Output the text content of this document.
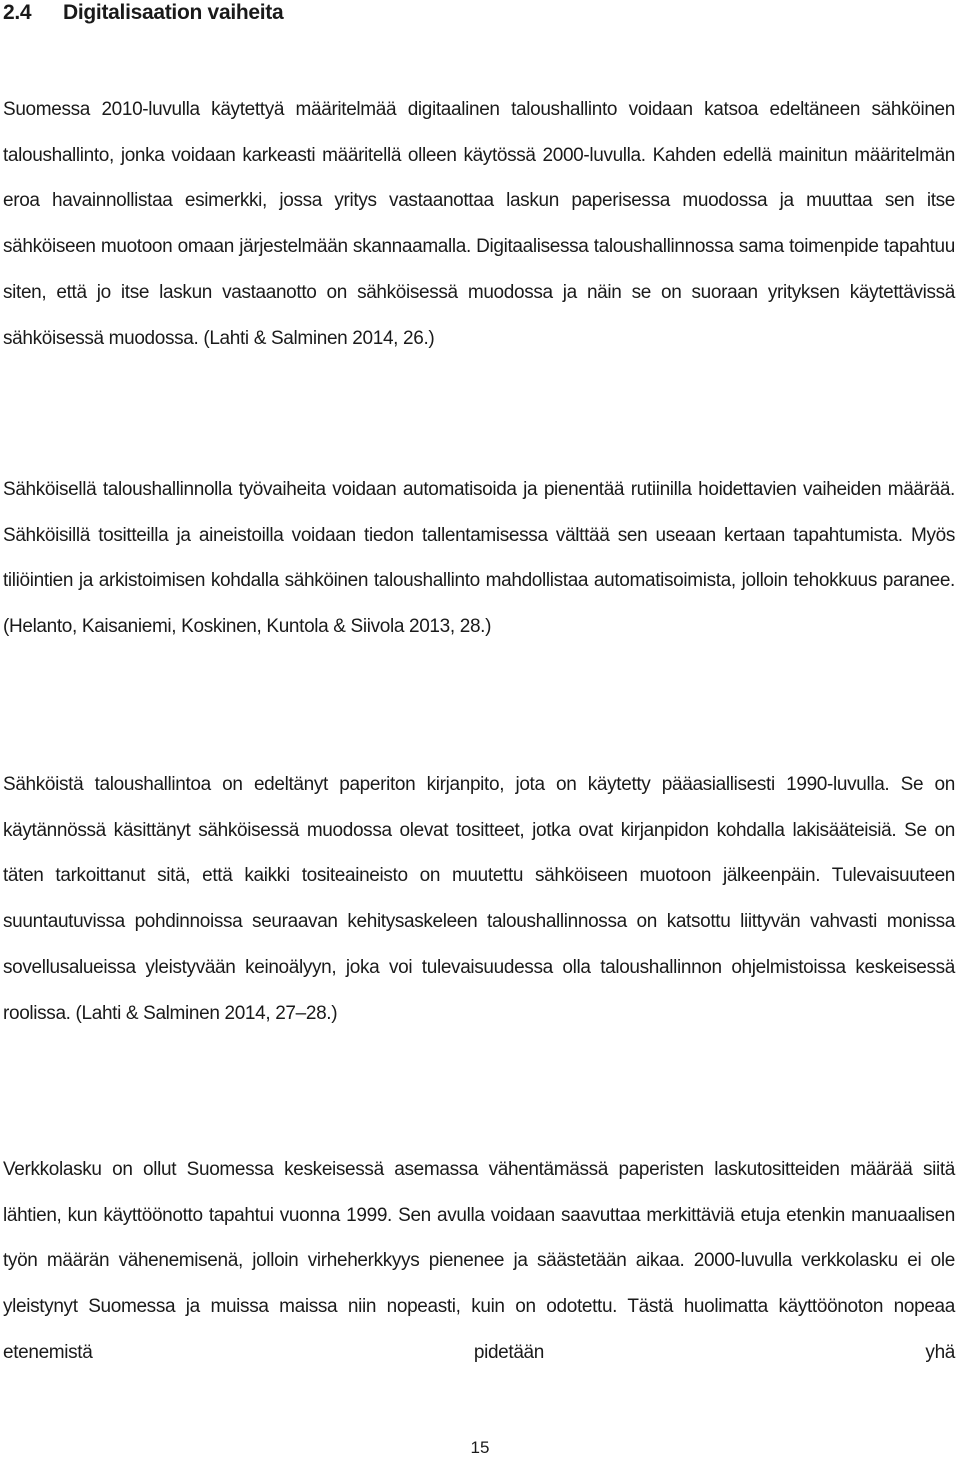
2.4 Digitalisaation vaiheita

Suomessa 2010-luvulla käytettyä määritelmää digitaalinen taloushallinto voidaan katsoa edeltäneen sähköinen taloushallinto, jonka voidaan karkeasti määritellä olleen käytössä 2000-luvulla. Kahden edellä mainitun määritelmän eroa havainnollistaa esimerkki, jossa yritys vastaanottaa laskun paperisessa muodossa ja muuttaa sen itse sähköiseen muotoon omaan järjestelmään skannaamalla. Digitaalisessa taloushallinnossa sama toimenpide tapahtuu siten, että jo itse laskun vastaanotto on sähköisessä muodossa ja näin se on suoraan yrityksen käytettävissä sähköisessä muodossa. (Lahti & Salminen 2014, 26.)

Sähköisellä taloushallinnolla työvaiheita voidaan automatisoida ja pienentää rutiinilla hoidettavien vaiheiden määrää. Sähköisillä tositteilla ja aineistoilla voidaan tiedon tallentamisessa välttää sen useaan kertaan tapahtumista. Myös tiliöintien ja arkistoimisen kohdalla sähköinen taloushallinto mahdollistaa automatisoimista, jolloin tehokkuus paranee. (Helanto, Kaisaniemi, Koskinen, Kuntola & Siivola 2013, 28.)

Sähköistä taloushallintoa on edeltänyt paperiton kirjanpito, jota on käytetty pääasiallisesti 1990-luvulla. Se on käytännössä käsittänyt sähköisessä muodossa olevat tositteet, jotka ovat kirjanpidon kohdalla lakisääteisiä. Se on täten tarkoittanut sitä, että kaikki tositeaineisto on muutettu sähköiseen muotoon jälkeenpäin. Tulevaisuuteen suuntautuvissa pohdinnoissa seuraavan kehitysaskeleen taloushallinnossa on katsottu liittyvän vahvasti monissa sovellusalueissa yleistyvään keinoälyyn, joka voi tulevaisuudessa olla taloushallinnon ohjelmistoissa keskeisessä roolissa. (Lahti & Salminen 2014, 27–28.)

Verkkolasku on ollut Suomessa keskeisessä asemassa vähentämässä paperisten laskutositteiden määrää siitä lähtien, kun käyttöönotto tapahtui vuonna 1999. Sen avulla voidaan saavuttaa merkittäviä etuja etenkin manuaalisen työn määrän vähenemisenä, jolloin virheherkkyys pienenee ja säästetään aikaa. 2000-luvulla verkkolasku ei ole yleistynyt Suomessa ja muissa maissa niin nopeasti, kuin on odotettu. Tästä huolimatta käyttöönoton nopeaa etenemistä pidetään yhä

15
